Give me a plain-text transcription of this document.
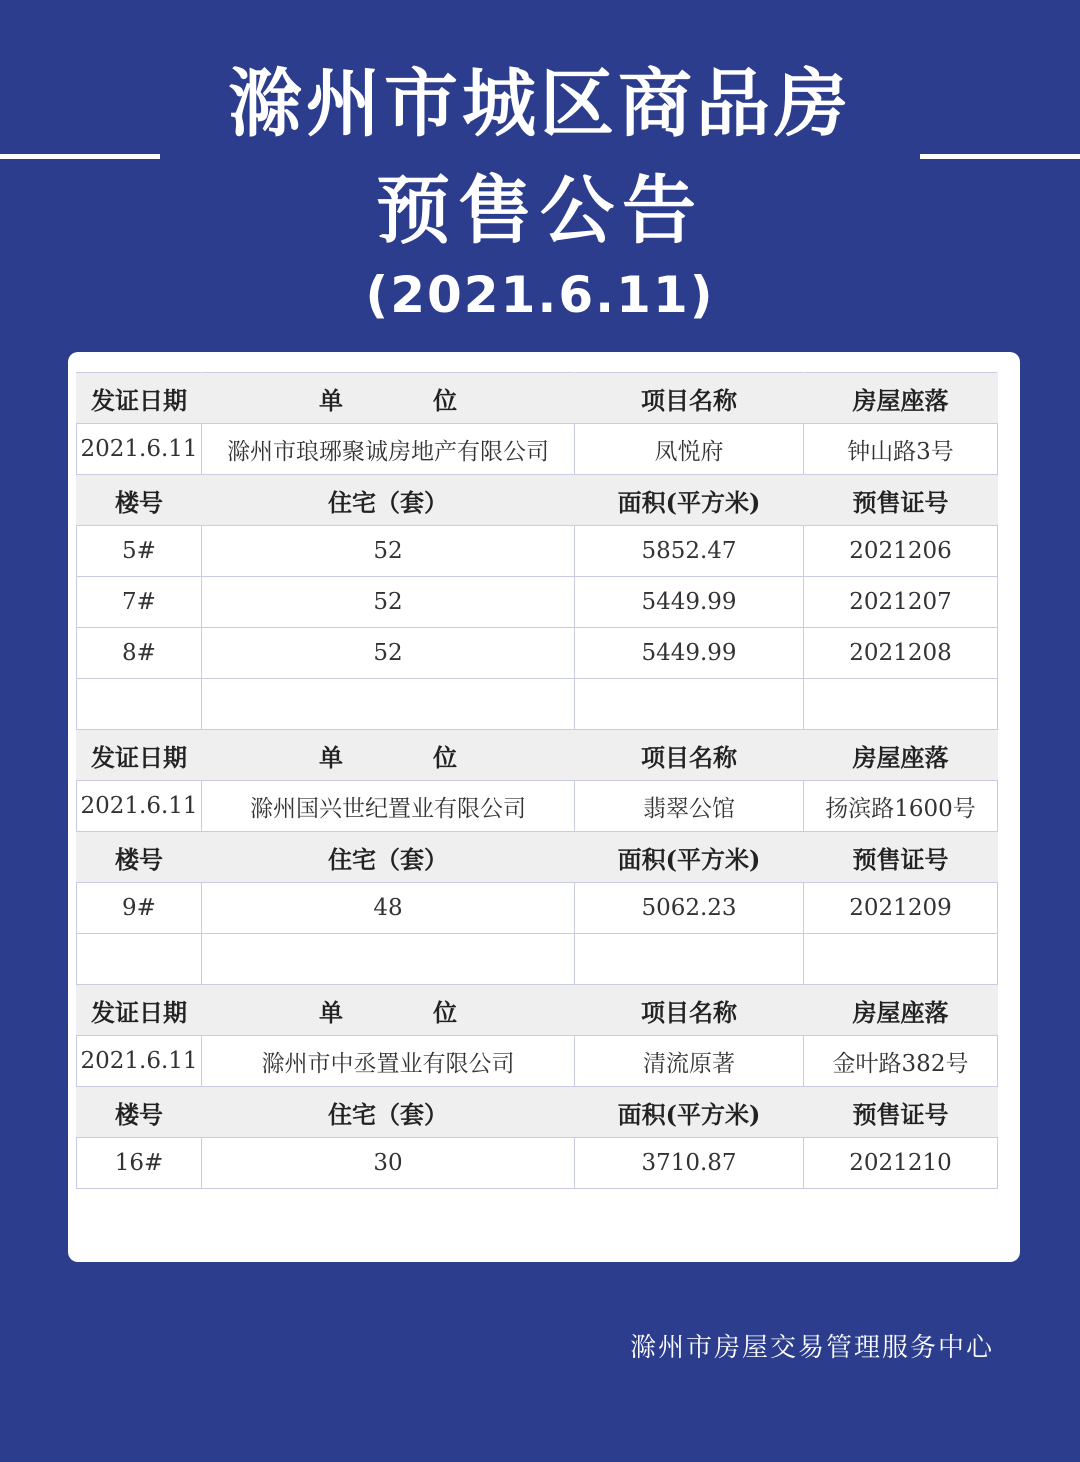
滁州市城区商品房
预售公告
(2021.6.11)
发证日期	单 位	项目名称	房屋座落
2021.6.11	滁州市琅琊聚诚房地产有限公司	凤悦府	钟山路3号
楼号	住宅（套）	面积(平方米)	预售证号
5#	52	5852.47	2021206
7#	52	5449.99	2021207
8#	52	5449.99	2021208

发证日期	单 位	项目名称	房屋座落
2021.6.11	滁州国兴世纪置业有限公司	翡翠公馆	扬滨路1600号
楼号	住宅（套）	面积(平方米)	预售证号
9#	48	5062.23	2021209

发证日期	单 位	项目名称	房屋座落
2021.6.11	滁州市中丞置业有限公司	清流原著	金叶路382号
楼号	住宅（套）	面积(平方米)	预售证号
16#	30	3710.87	2021210
滁州市房屋交易管理服务中心
